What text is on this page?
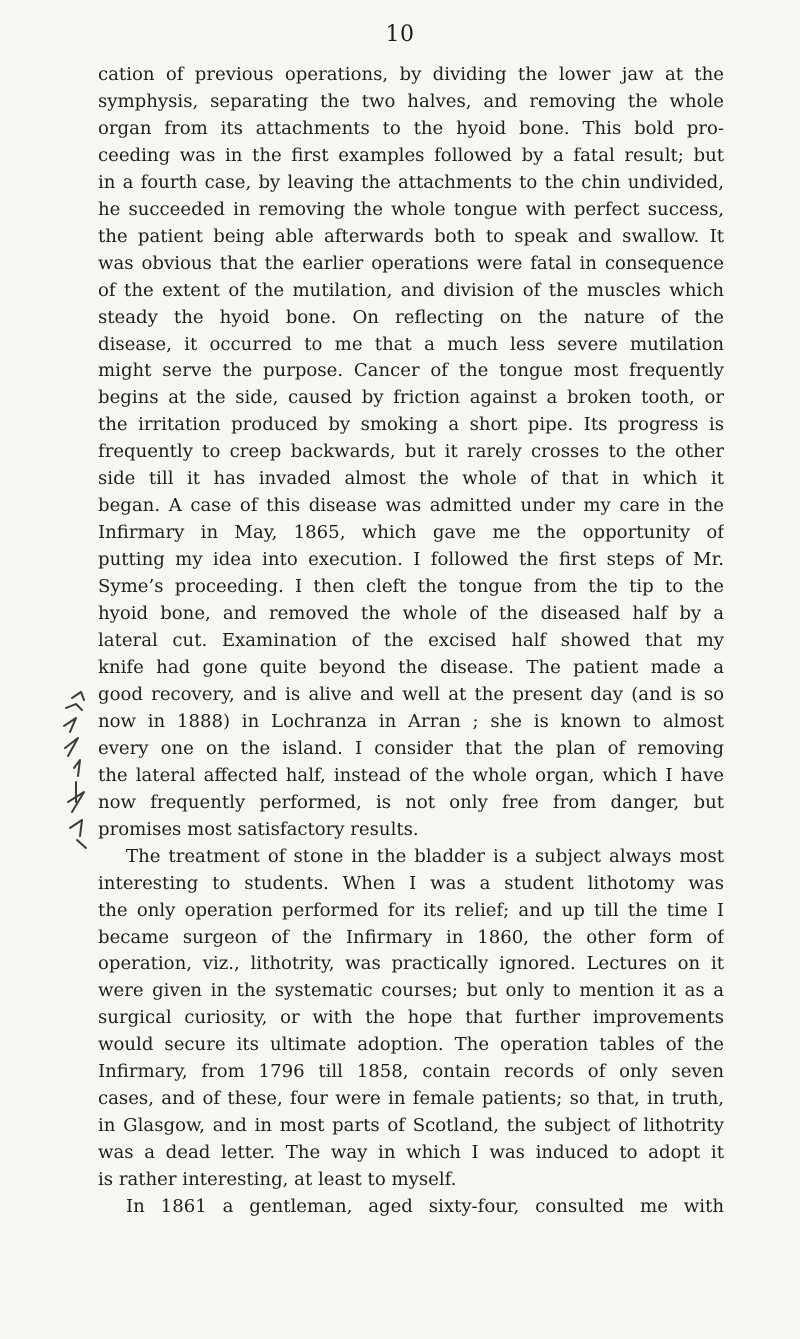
10
cation of previous operations, by dividing the lower jaw at the
symphysis, separating the two halves, and removing the whole
organ from its attachments to the hyoid bone. This bold pro-
ceeding was in the first examples followed by a fatal result; but
in a fourth case, by leaving the attachments to the chin undivided,
he succeeded in removing the whole tongue with perfect success,
the patient being able afterwards both to speak and swallow. It
was obvious that the earlier operations were fatal in consequence
of the extent of the mutilation, and division of the muscles which
steady the hyoid bone. On reflecting on the nature of the
disease, it occurred to me that a much less severe mutilation
might serve the purpose. Cancer of the tongue most frequently
begins at the side, caused by friction against a broken tooth, or
the irritation produced by smoking a short pipe. Its progress is
frequently to creep backwards, but it rarely crosses to the other
side till it has invaded almost the whole of that in which it
began. A case of this disease was admitted under my care in the
Infirmary in May, 1865, which gave me the opportunity of
putting my idea into execution. I followed the first steps of Mr.
Syme’s proceeding. I then cleft the tongue from the tip to the
hyoid bone, and removed the whole of the diseased half by a
lateral cut. Examination of the excised half showed that my
knife had gone quite beyond the disease. The patient made a
good recovery, and is alive and well at the present day (and is so
now in 1888) in Lochranza in Arran ; she is known to almost
every one on the island. I consider that the plan of removing
the lateral affected half, instead of the whole organ, which I have
now frequently performed, is not only free from danger, but
promises most satisfactory results.
The treatment of stone in the bladder is a subject always most
interesting to students. When I was a student lithotomy was
the only operation performed for its relief; and up till the time I
became surgeon of the Infirmary in 1860, the other form of
operation, viz., lithotrity, was practically ignored. Lectures on it
were given in the systematic courses; but only to mention it as a
surgical curiosity, or with the hope that further improvements
would secure its ultimate adoption. The operation tables of the
Infirmary, from 1796 till 1858, contain records of only seven
cases, and of these, four were in female patients; so that, in truth,
in Glasgow, and in most parts of Scotland, the subject of lithotrity
was a dead letter. The way in which I was induced to adopt it
is rather interesting, at least to myself.
In 1861 a gentleman, aged sixty-four, consulted me with
